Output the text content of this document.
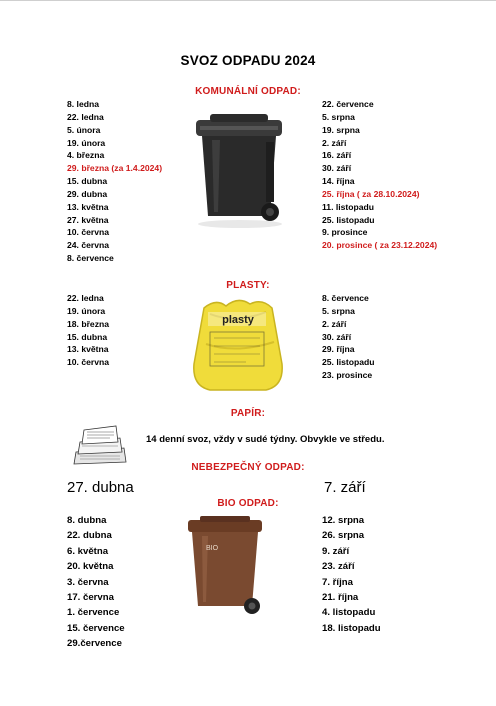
SVOZ ODPADU 2024
KOMUNÁLNÍ ODPAD:
8. ledna
22. ledna
5. února
19. února
4. března
29. března (za 1.4.2024)
15. dubna
29. dubna
13. května
27. května
10. června
24. června
8. července
22. července
5. srpna
19. srpna
2. září
16. září
30. září
14. října
25. října ( za 28.10.2024)
11. listopadu
25. listopadu
9. prosince
20. prosince ( za 23.12.2024)
PLASTY:
22. ledna
19. února
18. března
15. dubna
13. května
10. června
8. července
5. srpna
2. září
30. září
29. října
25. listopadu
23. prosince
plasty
PAPÍR:
14 denní svoz, vždy v sudé týdny. Obvykle ve středu.
NEBEZPEČNÝ ODPAD:
27. dubna	7. září
BIO ODPAD:
8. dubna
22. dubna
6. května
20. května
3. června
17. června
1. července
15. července
29.července
12. srpna
26. srpna
9. září
23. září
7. října
21. října
4. listopadu
18. listopadu
BIO
